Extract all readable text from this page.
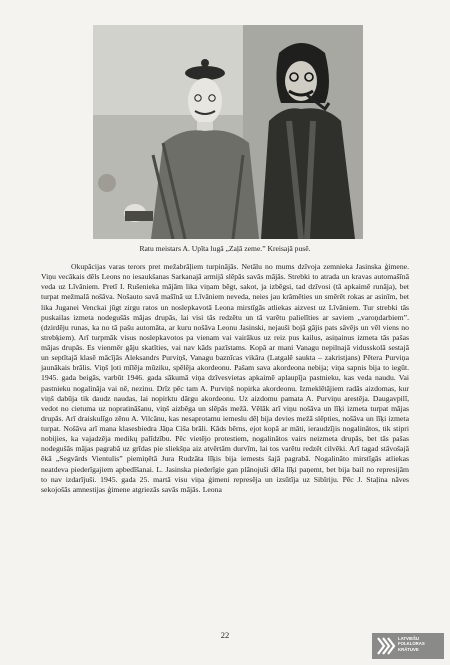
Ratu meistars A. Upīta lugā „Zaļā zeme.” Kreisajā pusē.

Okupācijas varas terors pret mežabrāļiem turpinājās. Netālu no mums dzīvoja zemnieka Jasinska ģimene. Viņu vecākais dēls Leons no iesaukšanas Sarkanajā armijā slēpās savās mājās. Strebki to atrada un kravas automašīnā veda uz Līvāniem. Pretī I. Rušenieka mājām lika viņam bēgt, sakot, ja izbēgsi, tad dzīvosi (tā apkaimē runāja), bet turpat mežmalā nošāva. Nošauto savā mašīnā uz Līvāniem neveda, neies jau krāmēties un smērēt rokas ar asinīm, bet lika Juganei Venckai jūgt zirgu ratos un noslepkavotā Leona mirstīgās atliekas aizvest uz Līvāniem. Tur strebki tās puskailas izmeta nodegušās mājas drupās, lai visi tās redzētu un tā varētu palielīties ar saviem „varoņdarbiem”. (dzirdēju runas, ka no tā pašu automāta, ar kuru nošāva Leonu Jasinski, nejauši bojā gājis pats sāvējs un vēl viens no strebķiem). Arī turpmāk visus noslepkavotos pa vienam vai vairākus uz reiz pus kailus, asiņainus izmeta tās pašas mājas drupās. Es vienmēr gāju skatīties, vai nav kāds pazīstams. Kopā ar mani Vanagu nepilnajā vidusskolā sestajā un septītajā klasē mācījās Aleksandrs Purviņš, Vanagu baznīcas vikāra (Latgalē saukta – zakristjans) Pētera Purviņa jaunākais brālis. Viņš ļoti mīlēja mūziku, spēlēja akordeonu. Pašam sava akordeona nebija; viņa sapnis bija to iegūt. 1945. gada beigās, varbūt 1946. gada sākumā viņa dzīvesvietas apkaimē aplaupīja pastnieku, kas veda naudu. Vai pastnieku nogalināja vai nē, nezinu. Drīz pēc tam A. Purviņš nopirka akordeonu. Izmeklētājiem radās aizdomas, kur viņš dabūja tik daudz naudas, lai nopirktu dārgu akordeonu. Uz aizdomu pamata A. Purviņu arestēja. Daugavpilī, vedot no cietuma uz nopratināšanu, viņš aizbēga un slēpās mežā. Vēlāk arī viņu nošāva un līķi izmeta turpat mājas drupās. Arī draiskulīgo zēnu A. Vilcānu, kas nesaprotamu iemeslu dēļ bija devies mežā slēpties, nošāva un līķi izmeta turpat. Nošāva arī mana klasesbiedra Jāņa Ciša brāli. Kāds bērns, ejot kopā ar māti, ieraudzījis nogalinātos, tik stipri nobijies, ka vajadzēja medikų palīdzību. Pēc vietējo protestiem, nogalinātos vairs neizmeta drupās, bet tās pašas nodegušās mājas pagrabā uz grīdas pie sliekšņa aiz atvērtām durvīm, lai tos varētu redzēt cilvēki. Arī tagad stāvošajā ēkā „Segvārds Vientulis” piemiņētā Jura Rudzāta līķis bija iemests šajā pagrabā. Nogalināto mirstīgās atliekas neatdeva piederīgajiem apbedīšanai. L. Jasinska piederīgie gan plānojuši dēla līķi paņemt, bet bija bail no represijām to nav izdarījuši. 1945. gada 25. martā visu viņa ģimeni represēja un izsūtīja uz Sibīriju. Pēc J. Staļina nāves sekojošās amnestijas ģimene atgriezās savās mājās. Leona

22	LATVIEŠU
FOLKLORAS
KRĀTUVE
